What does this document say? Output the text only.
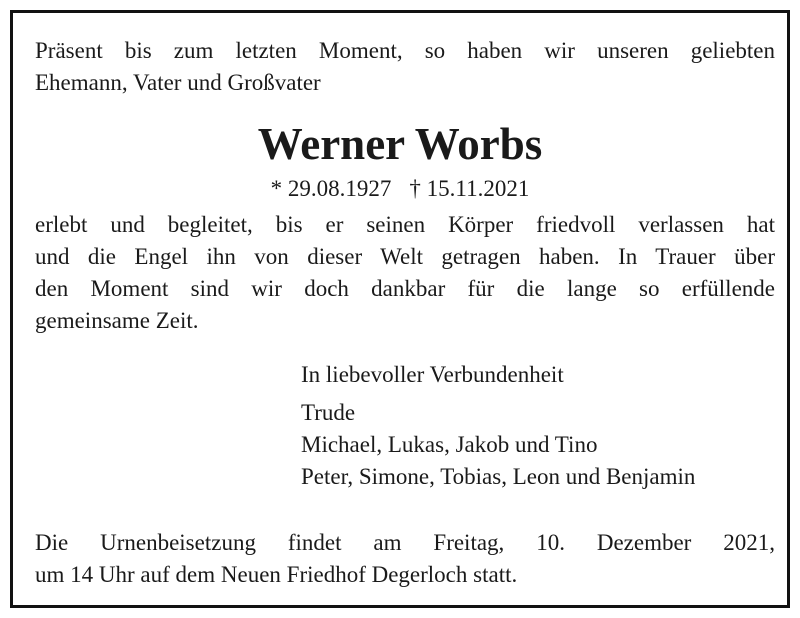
Präsent bis zum letzten Moment, so haben wir unseren geliebten
Ehemann, Vater und Großvater
Werner Worbs
* 29.08.1927 † 15.11.2021
erlebt und begleitet, bis er seinen Körper friedvoll verlassen hat
und die Engel ihn von dieser Welt getragen haben. In Trauer über
den Moment sind wir doch dankbar für die lange so erfüllende
gemeinsame Zeit.
In liebevoller Verbundenheit
Trude
Michael, Lukas, Jakob und Tino
Peter, Simone, Tobias, Leon und Benjamin
Die Urnenbeisetzung findet am Freitag, 10. Dezember 2021,
um 14 Uhr auf dem Neuen Friedhof Degerloch statt.
